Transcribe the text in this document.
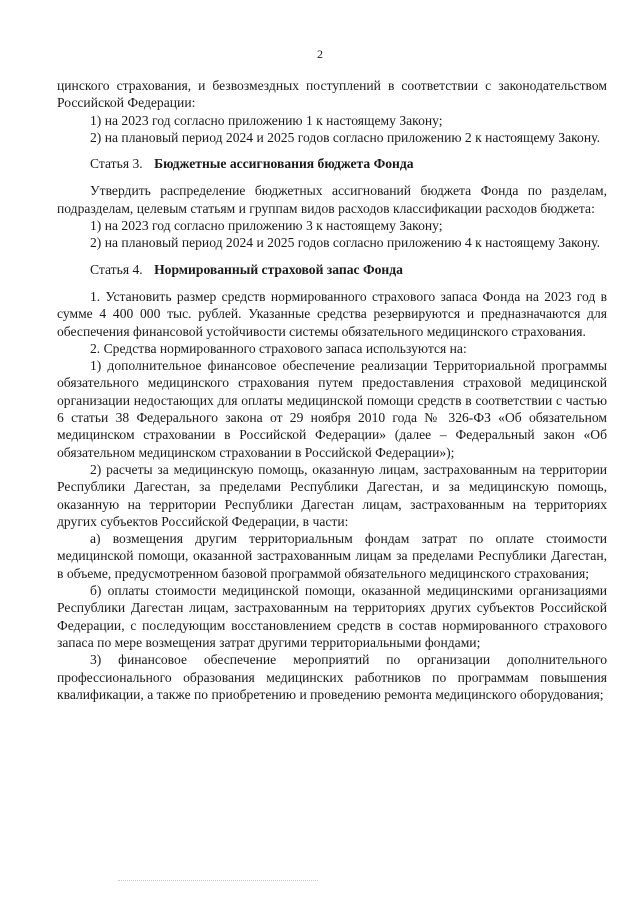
2

цинского страхования, и безвозмездных поступлений в соответствии с законодательством Российской Федерации:

1) на 2023 год согласно приложению 1 к настоящему Закону;

2) на плановый период 2024 и 2025 годов согласно приложению 2 к настоящему Закону.

Статья 3. Бюджетные ассигнования бюджета Фонда

Утвердить распределение бюджетных ассигнований бюджета Фонда по разделам, подразделам, целевым статьям и группам видов расходов классификации расходов бюджета:

1) на 2023 год согласно приложению 3 к настоящему Закону;

2) на плановый период 2024 и 2025 годов согласно приложению 4 к настоящему Закону.

Статья 4. Нормированный страховой запас Фонда

1. Установить размер средств нормированного страхового запаса Фонда на 2023 год в сумме 4 400 000 тыс. рублей. Указанные средства резервируются и предназначаются для обеспечения финансовой устойчивости системы обязательного медицинского страхования.

2. Средства нормированного страхового запаса используются на:

1) дополнительное финансовое обеспечение реализации Территориальной программы обязательного медицинского страхования путем предоставления страховой медицинской организации недостающих для оплаты медицинской помощи средств в соответствии с частью 6 статьи 38 Федерального закона от 29 ноября 2010 года № 326-ФЗ «Об обязательном медицинском страховании в Российской Федерации» (далее – Федеральный закон «Об обязательном медицинском страховании в Российской Федерации»);

2) расчеты за медицинскую помощь, оказанную лицам, застрахованным на территории Республики Дагестан, за пределами Республики Дагестан, и за медицинскую помощь, оказанную на территории Республики Дагестан лицам, застрахованным на территориях других субъектов Российской Федерации, в части:

а) возмещения другим территориальным фондам затрат по оплате стоимости медицинской помощи, оказанной застрахованным лицам за пределами Республики Дагестан, в объеме, предусмотренном базовой программой обязательного медицинского страхования;

б) оплаты стоимости медицинской помощи, оказанной медицинскими организациями Республики Дагестан лицам, застрахованным на территориях других субъектов Российской Федерации, с последующим восстановлением средств в состав нормированного страхового запаса по мере возмещения затрат другими территориальными фондами;

3) финансовое обеспечение мероприятий по организации дополнительного профессионального образования медицинских работников по программам повышения квалификации, а также по приобретению и проведению ремонта медицинского оборудования;
